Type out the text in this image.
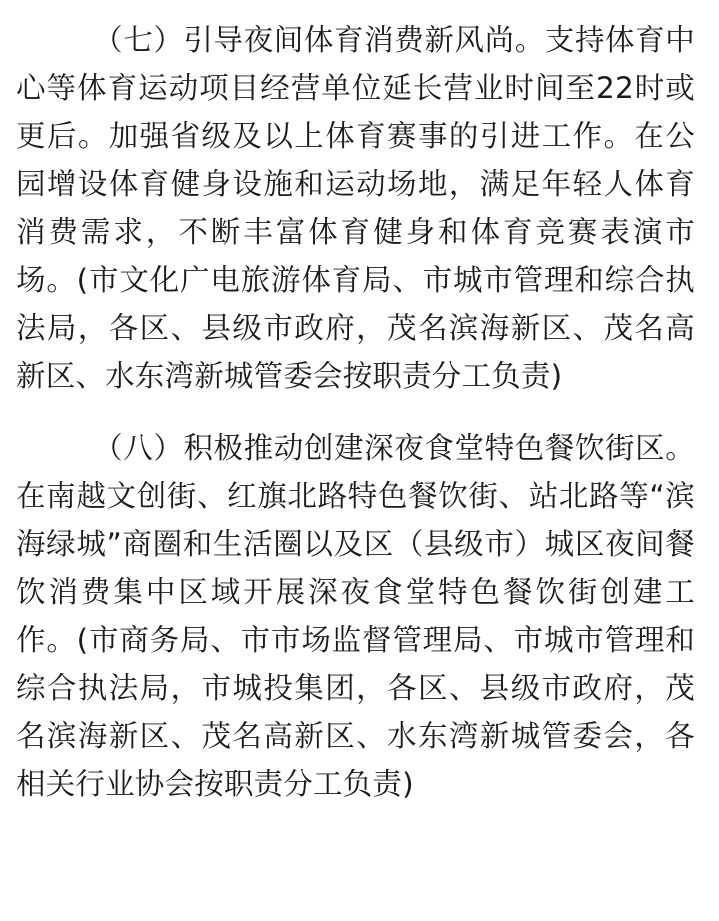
（七）引导夜间体育消费新风尚。支持体育中心等体育运动项目经营单位延长营业时间至22时或更后。加强省级及以上体育赛事的引进工作。在公园增设体育健身设施和运动场地，满足年轻人体育消费需求，不断丰富体育健身和体育竞赛表演市场。(市文化广电旅游体育局、市城市管理和综合执法局，各区、县级市政府，茂名滨海新区、茂名高新区、水东湾新城管委会按职责分工负责)

（八）积极推动创建深夜食堂特色餐饮街区。在南越文创街、红旗北路特色餐饮街、站北路等“滨海绿城”商圈和生活圈以及区（县级市）城区夜间餐饮消费集中区域开展深夜食堂特色餐饮街创建工作。(市商务局、市市场监督管理局、市城市管理和综合执法局，市城投集团，各区、县级市政府，茂名滨海新区、茂名高新区、水东湾新城管委会，各相关行业协会按职责分工负责)
